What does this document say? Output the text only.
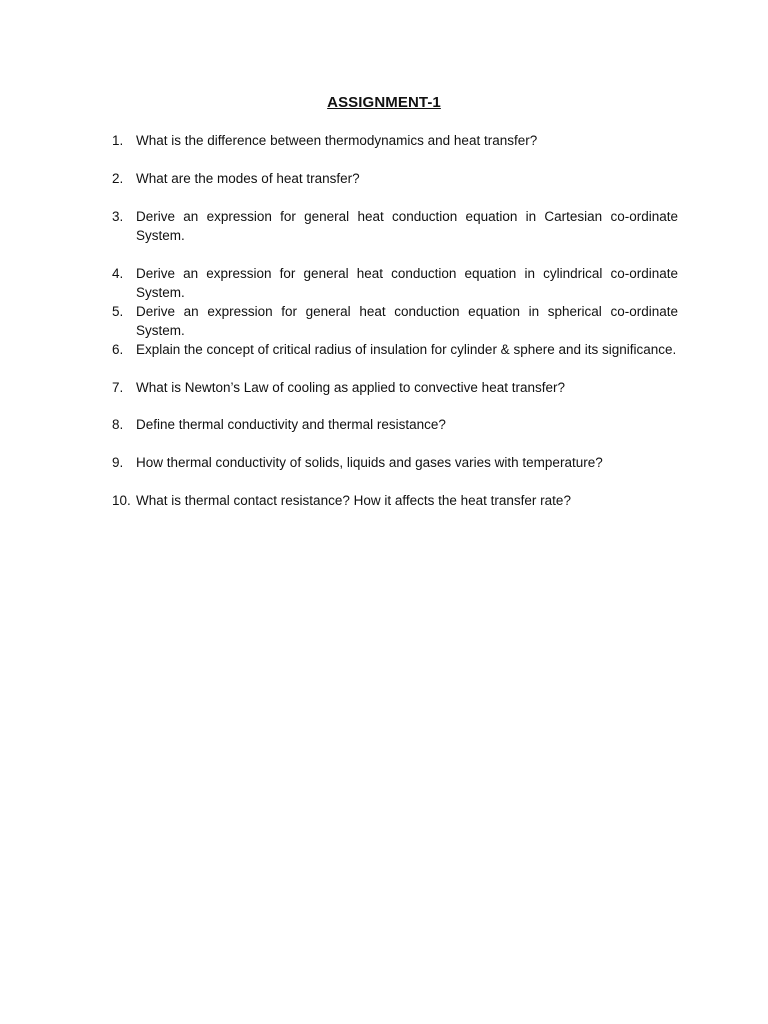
ASSIGNMENT-1
1. What is the difference between thermodynamics and heat transfer?
2. What are the modes of heat transfer?
3. Derive an expression for general heat conduction equation in Cartesian co-ordinate System.
4. Derive an expression for general heat conduction equation in cylindrical co-ordinate System.
5. Derive an expression for general heat conduction equation in spherical co-ordinate System.
6. Explain the concept of critical radius of insulation for cylinder & sphere and its significance.
7. What is Newton’s Law of cooling as applied to convective heat transfer?
8. Define thermal conductivity and thermal resistance?
9. How thermal conductivity of solids, liquids and gases varies with temperature?
10. What is thermal contact resistance? How it affects the heat transfer rate?
